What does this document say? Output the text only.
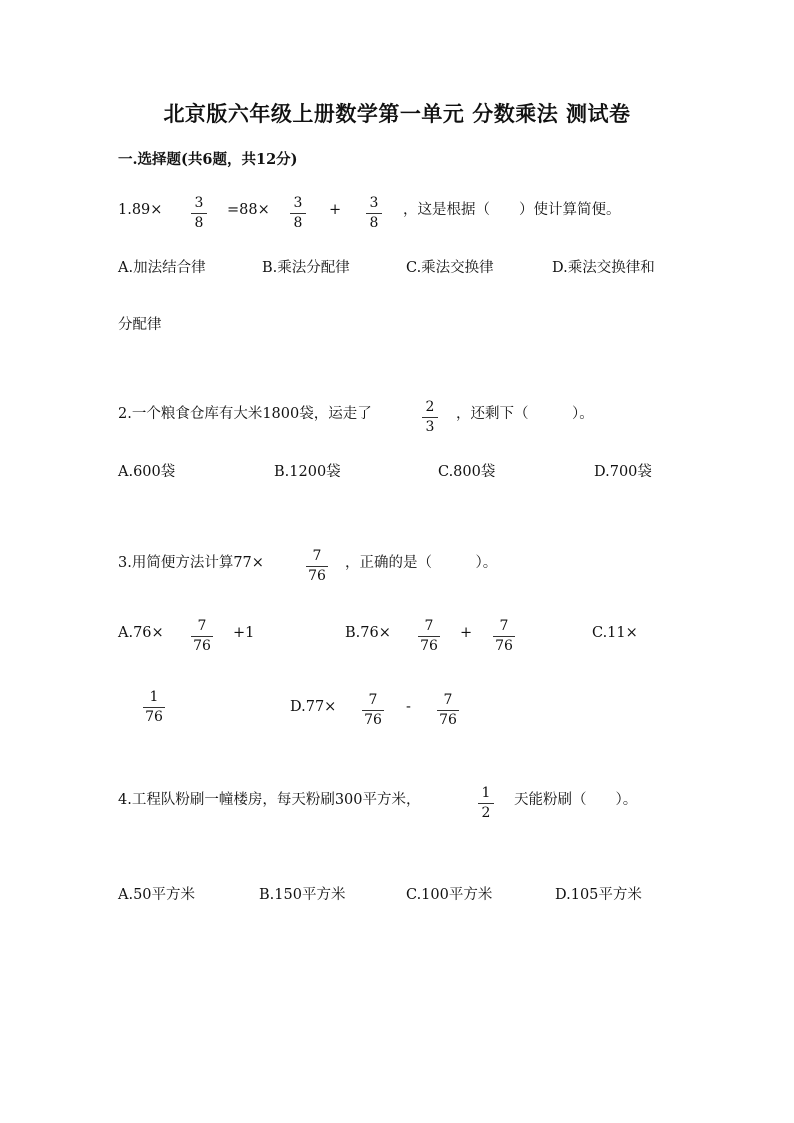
北京版六年级上册数学第一单元 分数乘法 测试卷
一.选择题(共6题，共12分)
1.89×	3
8
=88×	3
8
+	3
8
，这是根据（　　）使计算简便。
A.加法结合律	B.乘法分配律	C.乘法交换律	D.乘法交换律和
分配律
2.一个粮食仓库有大米1800袋，运走了	2
3
，还剩下（　　　）。
A.600袋	B.1200袋	C.800袋	D.700袋
3.用简便方法计算77×	7
76
，正确的是（　　　）。
A.76×	7
76
+1	B.76×	7
76
+	7
76
C.11×
1
76
D.77×	7
76
-	7
76
4.工程队粉刷一幢楼房，每天粉刷300平方米，	1
2
天能粉刷（　　）。
A.50平方米	B.150平方米	C.100平方米	D.105平方米
